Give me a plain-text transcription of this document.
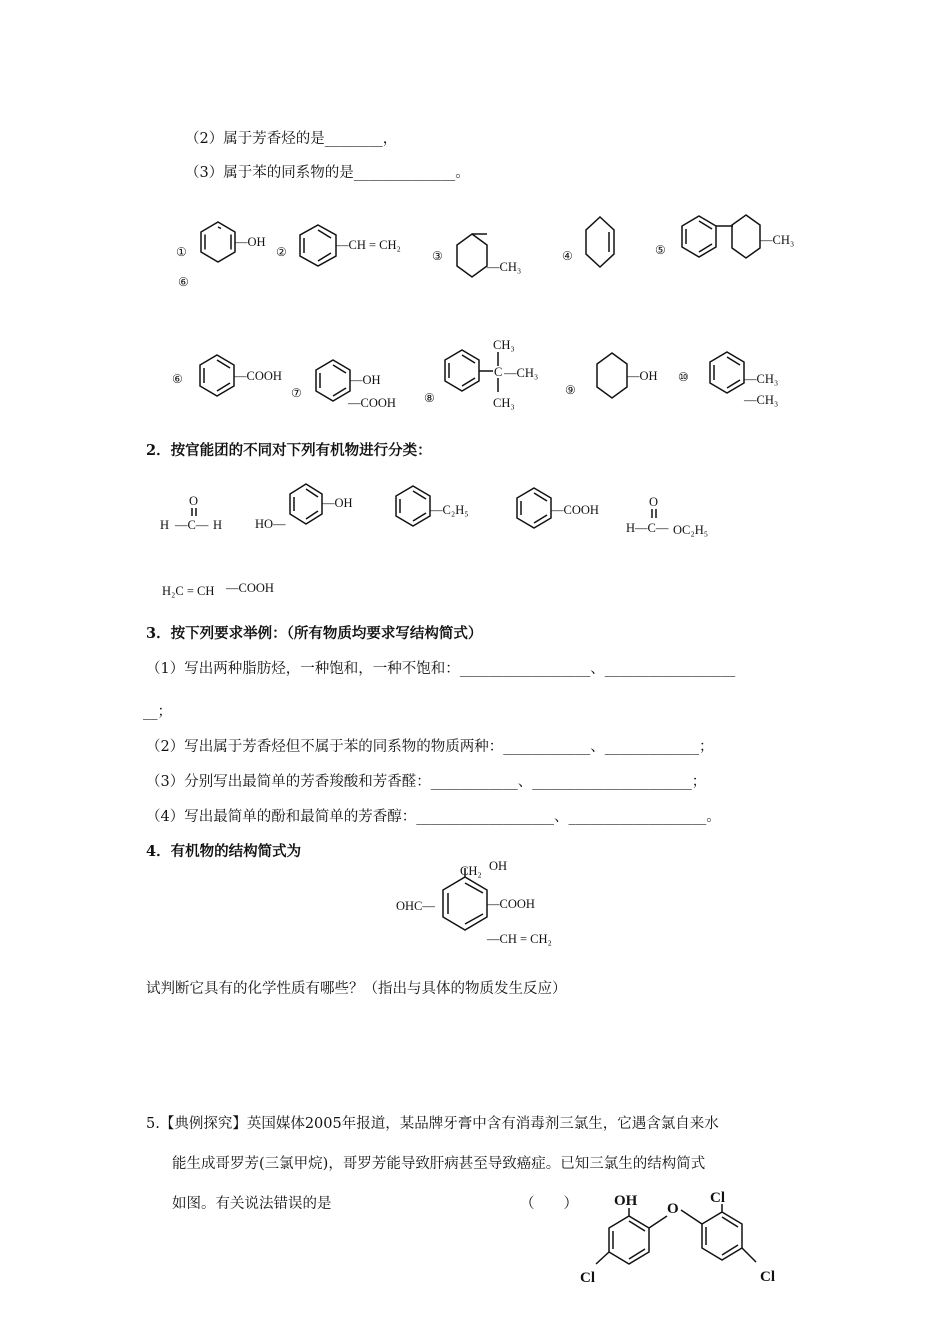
（2）属于芳香烃的是________，
（3）属于苯的同系物的是______________。
①
—OH
②	—CH = CH₂
③
—CH₃
④	⑤
—CH₃
⑥
⑥	—COOH
⑦
—OH
—COOH ⑧
CH₃
C —CH₃
CH₃
⑨
—OH ⑩	—CH₃
—CH₃
2．按官能团的不同对下列有机物进行分类：
O
H —C— H
—OH
HO—
—C₂H₅	—COOH
O
H—C— OC₂H₅
H₂C = CH —COOH
3．按下列要求举例：（所有物质均要求写结构简式）
（1）写出两种脂肪烃，一种饱和，一种不饱和：__________________、__________________
__；
（2）写出属于芳香烃但不属于苯的同系物的物质两种：____________、_____________；
（3）分别写出最简单的芳香羧酸和芳香醛：____________、______________________；
（4）写出最简单的酚和最简单的芳香醇：___________________、___________________。
4．有机物的结构简式为
CH₂ OH
OHC—	—COOH
—CH = CH₂
试判断它具有的化学性质有哪些？（指出与具体的物质发生反应）
5.【典例探究】英国媒体2005年报道，某品牌牙膏中含有消毒剂三氯生，它遇含氯自来水
能生成哥罗芳(三氯甲烷)，哥罗芳能导致肝病甚至导致癌症。已知三氯生的结构简式
如图。有关说法错误的是	（　　） OH O
Cl
Cl
Cl
